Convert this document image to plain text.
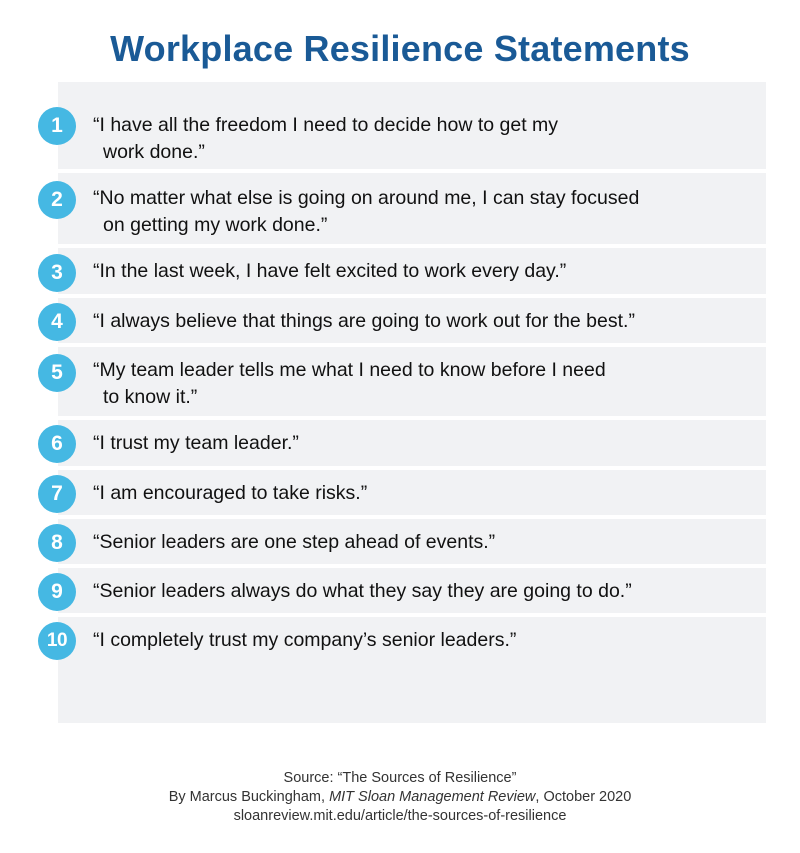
Workplace Resilience Statements
1	“I have all the freedom I need to decide how to get my
work done.”
2	“No matter what else is going on around me, I can stay focused
on getting my work done.”
3	“In the last week, I have felt excited to work every day.”
4	“I always believe that things are going to work out for the best.”
5	“My team leader tells me what I need to know before I need
to know it.”
6	“I trust my team leader.”
7	“I am encouraged to take risks.”
8	“Senior leaders are one step ahead of events.”
9	“Senior leaders always do what they say they are going to do.”
10	“I completely trust my company’s senior leaders.”
Source: “The Sources of Resilience”
By Marcus Buckingham, MIT Sloan Management Review, October 2020
sloanreview.mit.edu/article/the-sources-of-resilience
